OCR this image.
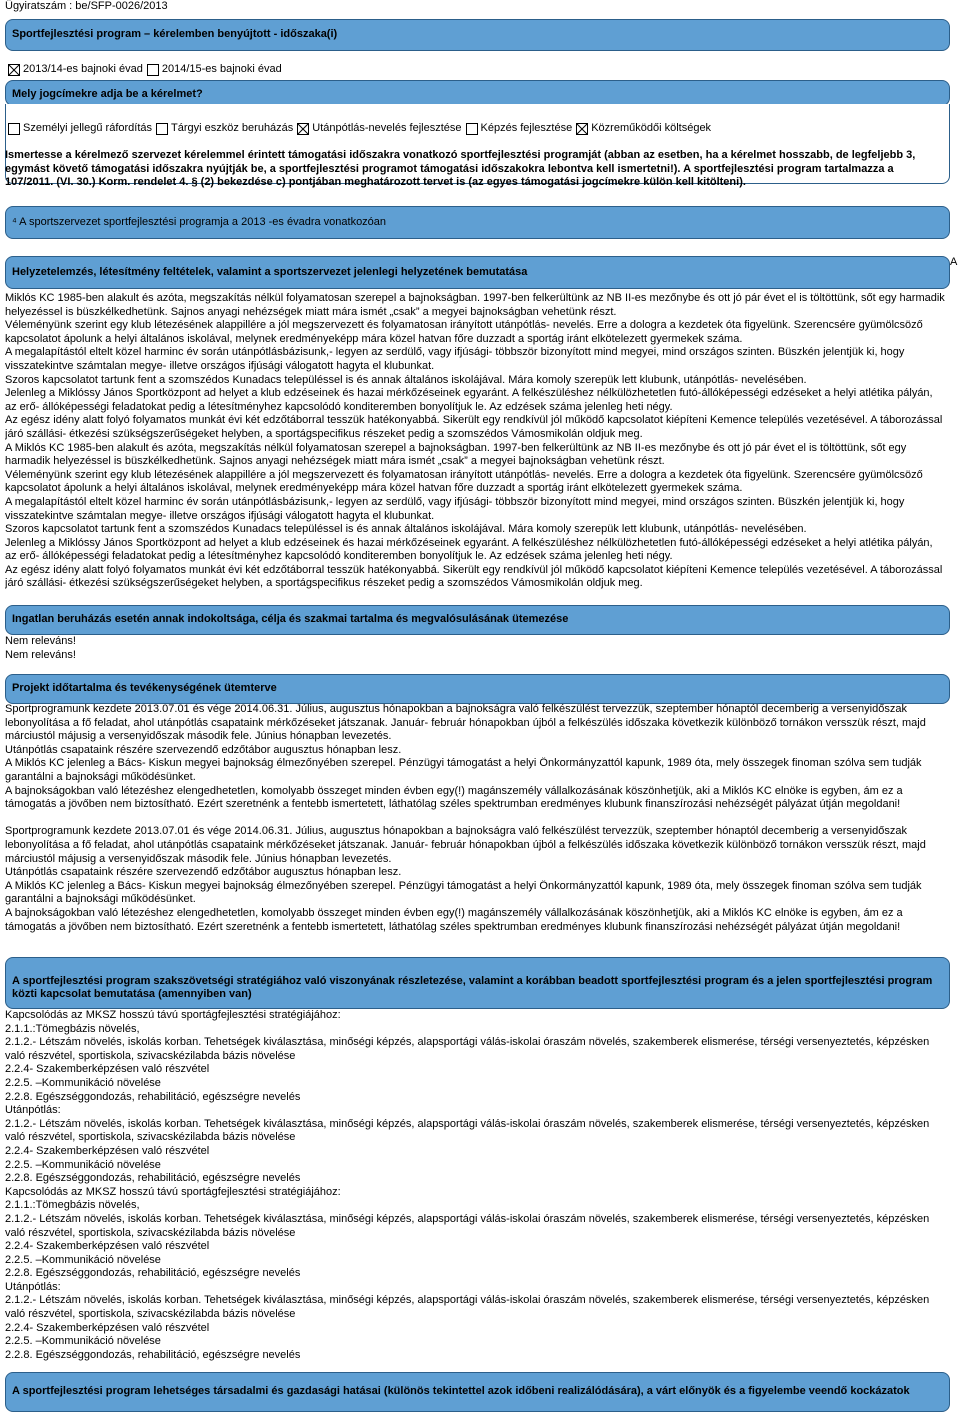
Ügyiratszám : be/SFP-0026/2013
Sportfejlesztési program – kérelemben benyújtott - időszaka(i)
2013/14-es bajnoki évad 2014/15-es bajnoki évad
Mely jogcímekre adja be a kérelmet?
Személyi jellegű ráfordítás Tárgyi eszköz beruházás Utánpótlás-nevelés fejlesztése Képzés fejlesztése Közreműködői költségek
Ismertesse a kérelmező szervezet kérelemmel érintett támogatási időszakra vonatkozó sportfejlesztési programját (abban az esetben, ha a kérelmet hosszabb, de legfeljebb 3,
egymást követő támogatási időszakra nyújtják be, a sportfejlesztési programot támogatási időszakokra lebontva kell ismertetni!). A sportfejlesztési program tartalmazza a
107/2011. (VI. 30.) Korm. rendelet 4. § (2) bekezdése c) pontjában meghatározott tervet is (az egyes támogatási jogcímekre külön kell kitölteni).
⁴ A sportszervezet sportfejlesztési programja a 2013 -es évadra vonatkozóan
Helyzetelemzés, létesítmény feltételek, valamint a sportszervezet jelenlegi helyzetének bemutatása
A
Miklós KC 1985-ben alakult és azóta, megszakítás nélkül folyamatosan szerepel a bajnokságban. 1997-ben felkerültünk az NB II-es mezőnybe és ott jó pár évet el is töltöttünk, sőt egy harmadik
helyezéssel is büszkélkedhetünk. Sajnos anyagi nehézségek miatt mára ismét „csak” a megyei bajnokságban vehetünk részt.
Véleményünk szerint egy klub létezésének alappillére a jól megszervezett és folyamatosan irányított utánpótlás- nevelés. Erre a dologra a kezdetek óta figyelünk. Szerencsére gyümölcsöző
kapcsolatot ápolunk a helyi általános iskolával, melynek eredményeképp mára közel hatvan főre duzzadt a sportág iránt elkötelezett gyermekek száma.
A megalapítástól eltelt közel harminc év során utánpótlásbázisunk,- legyen az serdülő, vagy ifjúsági- többször bizonyított mind megyei, mind országos szinten. Büszkén jelentjük ki, hogy
visszatekintve számtalan megye- illetve országos ifjúsági válogatott hagyta el klubunkat.
Szoros kapcsolatot tartunk fent a szomszédos Kunadacs településsel is és annak általános iskolájával. Mára komoly szerepük lett klubunk, utánpótlás- nevelésében.
Jelenleg a Miklóssy János Sportközpont ad helyet a klub edzéseinek és hazai mérkőzéseinek egyaránt. A felkészüléshez nélkülözhetetlen futó-állóképességi edzéseket a helyi atlétika pályán,
az erő- állóképességi feladatokat pedig a létesítményhez kapcsolódó konditeremben bonyolítjuk le. Az edzések száma jelenleg heti négy.
Az egész idény alatt folyó folyamatos munkát évi két edzőtáborral tesszük hatékonyabbá. Sikerült egy rendkívül jól működő kapcsolatot kiépíteni Kemence település vezetésével. A táborozással
járó szállási- étkezési szükségszerűségeket helyben, a sportágspecifikus részeket pedig a szomszédos Vámosmikolán oldjuk meg.
A Miklós KC 1985-ben alakult és azóta, megszakítás nélkül folyamatosan szerepel a bajnokságban. 1997-ben felkerültünk az NB II-es mezőnybe és ott jó pár évet el is töltöttünk, sőt egy
harmadik helyezéssel is büszkélkedhetünk. Sajnos anyagi nehézségek miatt mára ismét „csak” a megyei bajnokságban vehetünk részt.
Véleményünk szerint egy klub létezésének alappillére a jól megszervezett és folyamatosan irányított utánpótlás- nevelés. Erre a dologra a kezdetek óta figyelünk. Szerencsére gyümölcsöző
kapcsolatot ápolunk a helyi általános iskolával, melynek eredményeképp mára közel hatvan főre duzzadt a sportág iránt elkötelezett gyermekek száma.
A megalapítástól eltelt közel harminc év során utánpótlásbázisunk,- legyen az serdülő, vagy ifjúsági- többször bizonyított mind megyei, mind országos szinten. Büszkén jelentjük ki, hogy
visszatekintve számtalan megye- illetve országos ifjúsági válogatott hagyta el klubunkat.
Szoros kapcsolatot tartunk fent a szomszédos Kunadacs településsel is és annak általános iskolájával. Mára komoly szerepük lett klubunk, utánpótlás- nevelésében.
Jelenleg a Miklóssy János Sportközpont ad helyet a klub edzéseinek és hazai mérkőzéseinek egyaránt. A felkészüléshez nélkülözhetetlen futó-állóképességi edzéseket a helyi atlétika pályán,
az erő- állóképességi feladatokat pedig a létesítményhez kapcsolódó konditeremben bonyolítjuk le. Az edzések száma jelenleg heti négy.
Az egész idény alatt folyó folyamatos munkát évi két edzőtáborral tesszük hatékonyabbá. Sikerült egy rendkívül jól működő kapcsolatot kiépíteni Kemence település vezetésével. A táborozással
járó szállási- étkezési szükségszerűségeket helyben, a sportágspecifikus részeket pedig a szomszédos Vámosmikolán oldjuk meg.
Ingatlan beruházás esetén annak indokoltsága, célja és szakmai tartalma és megvalósulásának ütemezése
Nem releváns!
Nem releváns!
Projekt időtartalma és tevékenységének ütemterve
Sportprogramunk kezdete 2013.07.01 és vége 2014.06.31. Július, augusztus hónapokban a bajnokságra való felkészülést tervezzük, szeptember hónaptól decemberig a versenyidőszak
lebonyolítása a fő feladat, ahol utánpótlás csapataink mérkőzéseket játszanak. Január- február hónapokban újból a felkészülés időszaka következik különböző tornákon versszük részt, majd
márciustól májusig a versenyidőszak második fele. Június hónapban levezetés.
Utánpótlás csapataink részére szervezendő edzőtábor augusztus hónapban lesz.
A Miklós KC jelenleg a Bács- Kiskun megyei bajnokság élmezőnyében szerepel. Pénzügyi támogatást a helyi Önkormányzattól kapunk, 1989 óta, mely összegek finoman szólva sem tudják
garantálni a bajnoksági működésünket.
A bajnokságokban való létezéshez elengedhetetlen, komolyabb összeget minden évben egy(!) magánszemély vállalkozásának köszönhetjük, aki a Miklós KC elnöke is egyben, ám ez a
támogatás a jövőben nem biztosítható. Ezért szeretnénk a fentebb ismertetett, láthatólag széles spektrumban eredményes klubunk finanszírozási nehézségét pályázat útján megoldani!
Sportprogramunk kezdete 2013.07.01 és vége 2014.06.31. Július, augusztus hónapokban a bajnokságra való felkészülést tervezzük, szeptember hónaptól decemberig a versenyidőszak
lebonyolítása a fő feladat, ahol utánpótlás csapataink mérkőzéseket játszanak. Január- február hónapokban újból a felkészülés időszaka következik különböző tornákon versszük részt, majd
márciustól májusig a versenyidőszak második fele. Június hónapban levezetés.
Utánpótlás csapataink részére szervezendő edzőtábor augusztus hónapban lesz.
A Miklós KC jelenleg a Bács- Kiskun megyei bajnokság élmezőnyében szerepel. Pénzügyi támogatást a helyi Önkormányzattól kapunk, 1989 óta, mely összegek finoman szólva sem tudják
garantálni a bajnoksági működésünket.
A bajnokságokban való létezéshez elengedhetetlen, komolyabb összeget minden évben egy(!) magánszemély vállalkozásának köszönhetjük, aki a Miklós KC elnöke is egyben, ám ez a
támogatás a jövőben nem biztosítható. Ezért szeretnénk a fentebb ismertetett, láthatólag széles spektrumban eredményes klubunk finanszírozási nehézségét pályázat útján megoldani!
A sportfejlesztési program szakszövetségi stratégiához való viszonyának részletezése, valamint a korábban beadott sportfejlesztési program és a jelen sportfejlesztési program
közti kapcsolat bemutatása (amennyiben van)
Kapcsolódás az MKSZ hosszú távú sportágfejlesztési stratégiájához:
2.1.1.:Tömegbázis növelés,
2.1.2.- Létszám növelés, iskolás korban. Tehetségek kiválasztása, minőségi képzés, alapsportági válás-iskolai óraszám növelés, szakemberek elismerése, térségi versenyeztetés, képzésken
való részvétel, sportiskola, szivacskézilabda bázis növelése
2.2.4- Szakemberképzésen való részvétel
2.2.5. –Kommunikáció növelése
2.2.8. Egészséggondozás, rehabilitáció, egészségre nevelés
Utánpótlás:
2.1.2.- Létszám növelés, iskolás korban. Tehetségek kiválasztása, minőségi képzés, alapsportági válás-iskolai óraszám növelés, szakemberek elismerése, térségi versenyeztetés, képzésken
való részvétel, sportiskola, szivacskézilabda bázis növelése
2.2.4- Szakemberképzésen való részvétel
2.2.5. –Kommunikáció növelése
2.2.8. Egészséggondozás, rehabilitáció, egészségre nevelés
Kapcsolódás az MKSZ hosszú távú sportágfejlesztési stratégiájához:
2.1.1.:Tömegbázis növelés,
2.1.2.- Létszám növelés, iskolás korban. Tehetségek kiválasztása, minőségi képzés, alapsportági válás-iskolai óraszám növelés, szakemberek elismerése, térségi versenyeztetés, képzésken
való részvétel, sportiskola, szivacskézilabda bázis növelése
2.2.4- Szakemberképzésen való részvétel
2.2.5. –Kommunikáció növelése
2.2.8. Egészséggondozás, rehabilitáció, egészségre nevelés
Utánpótlás:
2.1.2.- Létszám növelés, iskolás korban. Tehetségek kiválasztása, minőségi képzés, alapsportági válás-iskolai óraszám növelés, szakemberek elismerése, térségi versenyeztetés, képzésken
való részvétel, sportiskola, szivacskézilabda bázis növelése
2.2.4- Szakemberképzésen való részvétel
2.2.5. –Kommunikáció növelése
2.2.8. Egészséggondozás, rehabilitáció, egészségre nevelés
A sportfejlesztési program lehetséges társadalmi és gazdasági hatásai (különös tekintettel azok időbeni realizálódására), a várt előnyök és a figyelembe veendő kockázatok
